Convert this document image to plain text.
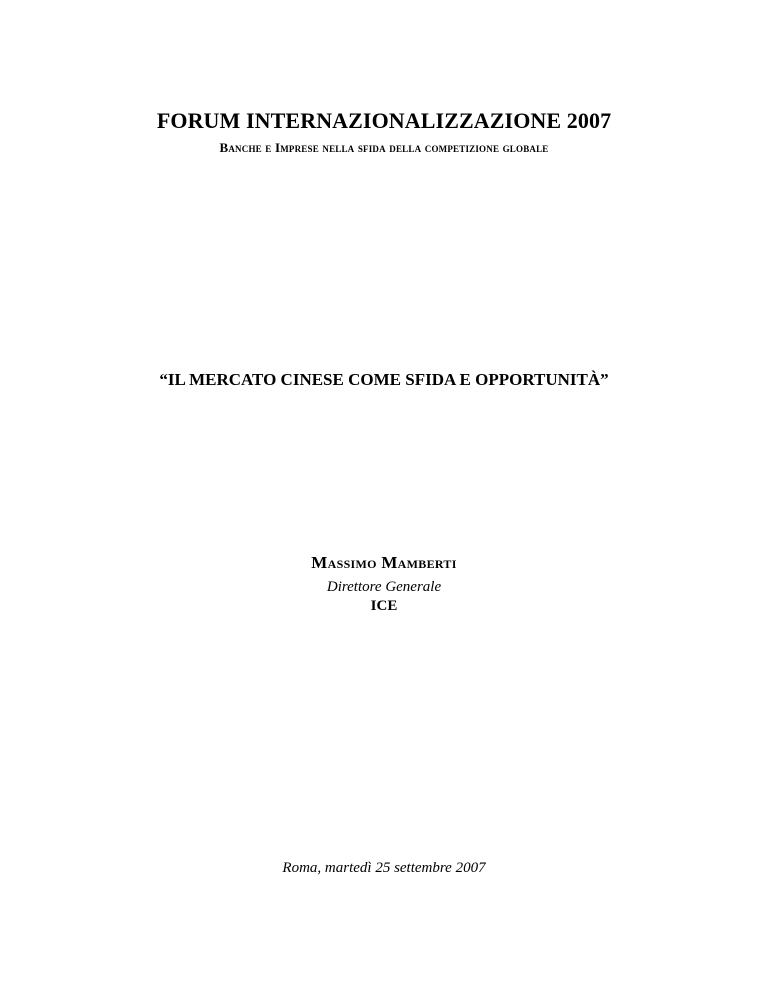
FORUM INTERNAZIONALIZZAZIONE 2007
Banche e Imprese nella sfida della competizione globale
“IL MERCATO CINESE COME SFIDA E OPPORTUNITÀ”
Massimo Mamberti
Direttore Generale
ICE
Roma, martedì 25 settembre 2007
